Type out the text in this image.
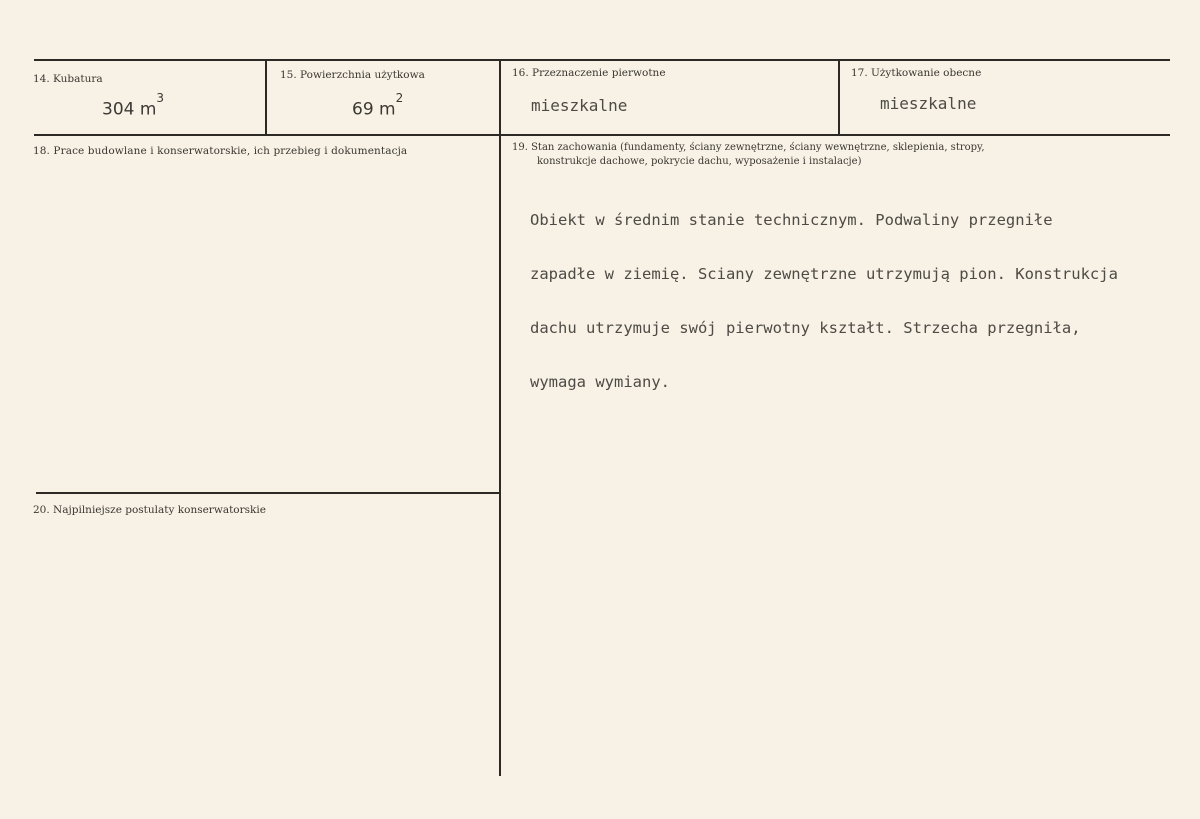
14. Kubatura
304 $m^3$
15. Powierzchnia użytkowa
69 $m^2$
16. Przeznaczenie pierwotne
mieszkalne
17. Użytkowanie obecne
mieszkalne
18. Prace budowlane i konserwatorskie, ich przebieg i dokumentacja	19. Stan zachowania (fundamenty, ściany zewnętrzne, ściany wewnętrzne, sklepienia, stropy,
konstrukcje dachowe, pokrycie dachu, wyposażenie i instalacje)

Obiekt w średnim stanie technicznym. Podwaliny przegniłe

zapadłe w ziemię. Sciany zewnętrzne utrzymują pion. Konstrukcja

dachu utrzymuje swój pierwotny kształt. Strzecha przegniła,

wymaga wymiany.

20. Najpilniejsze postulaty konserwatorskie
